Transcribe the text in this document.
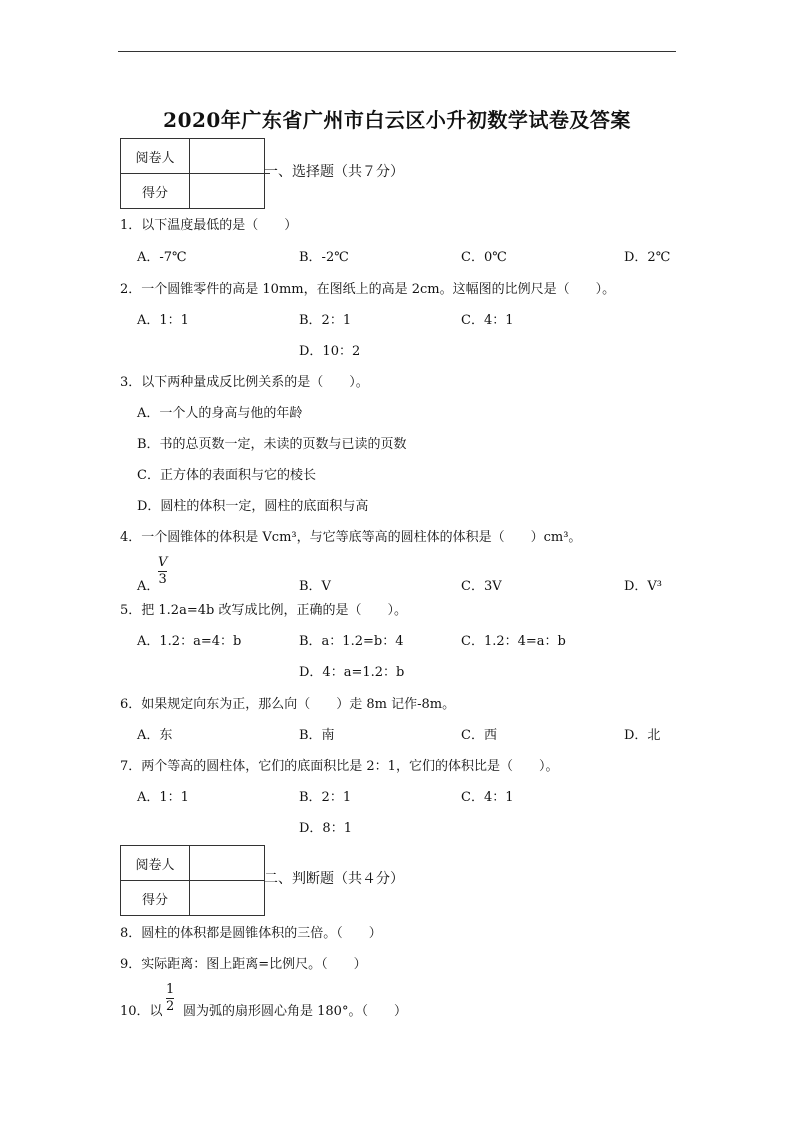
2020年广东省广州市白云区小升初数学试卷及答案
阅卷人	
得分	
一、选择题（共７分）
1．以下温度最低的是（　　）
A．-7℃	B．-2℃	C．0℃	D．2℃
2．一个圆锥零件的高是 10mm，在图纸上的高是 2cm。这幅图的比例尺是（　　）。
A．1：1	B．2：1	C．4：1
D．10：2
3．以下两种量成反比例关系的是（　　）。
A．一个人的身高与他的年龄
B．书的总页数一定，未读的页数与已读的页数
C．正方体的表面积与它的棱长
D．圆柱的体积一定，圆柱的底面积与高
4．一个圆锥体的体积是 Vcm³，与它等底等高的圆柱体的体积是（　　）cm³。
A．
V
3	B．V	C．3V	D．V³
5．把 1.2a=4b 改写成比例，正确的是（　　）。
A．1.2：a=4：b	B．a：1.2=b：4	C．1.2：4=a：b
D．4：a=1.2：b
6．如果规定向东为正，那么向（　　）走 8m 记作-8m。
A．东	B．南	C．西	D．北
7．两个等高的圆柱体，它们的底面积比是 2：1，它们的体积比是（　　）。
A．1：1	B．2：1	C．4：1
D．8：1
阅卷人	
得分	
二、判断题（共４分）
8．圆柱的体积都是圆锥体积的三倍。（　　）
9．实际距离：图上距离=比例尺。（　　）
10．以
1
2 圆为弧的扇形圆心角是 180°。（　　）
